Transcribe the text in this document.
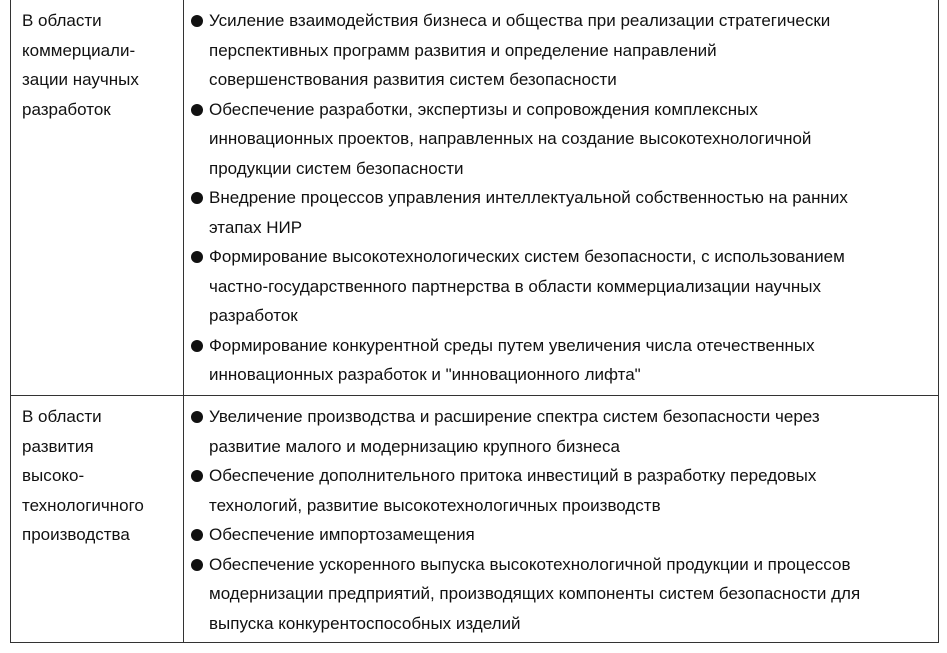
В области
коммерциали-
зации научных
разработок
Усиление взаимодействия бизнеса и общества при реализации стратегически
перспективных программ развития и определение направлений
совершенствования развития систем безопасности
Обеспечение разработки, экспертизы и сопровождения комплексных
инновационных проектов, направленных на создание высокотехнологичной
продукции систем безопасности
Внедрение процессов управления интеллектуальной собственностью на ранних
этапах НИР
Формирование высокотехнологических систем безопасности, с использованием
частно-государственного партнерства в области коммерциализации научных
разработок
Формирование конкурентной среды путем увеличения числа отечественных
инновационных разработок и "инновационного лифта"
В области
развития
высоко-
технологичного
производства
Увеличение производства и расширение спектра систем безопасности через
развитие малого и модернизацию крупного бизнеса
Обеспечение дополнительного притока инвестиций в разработку передовых
технологий, развитие высокотехнологичных производств
Обеспечение импортозамещения
Обеспечение ускоренного выпуска высокотехнологичной продукции и процессов
модернизации предприятий, производящих компоненты систем безопасности для
выпуска конкурентоспособных изделий
